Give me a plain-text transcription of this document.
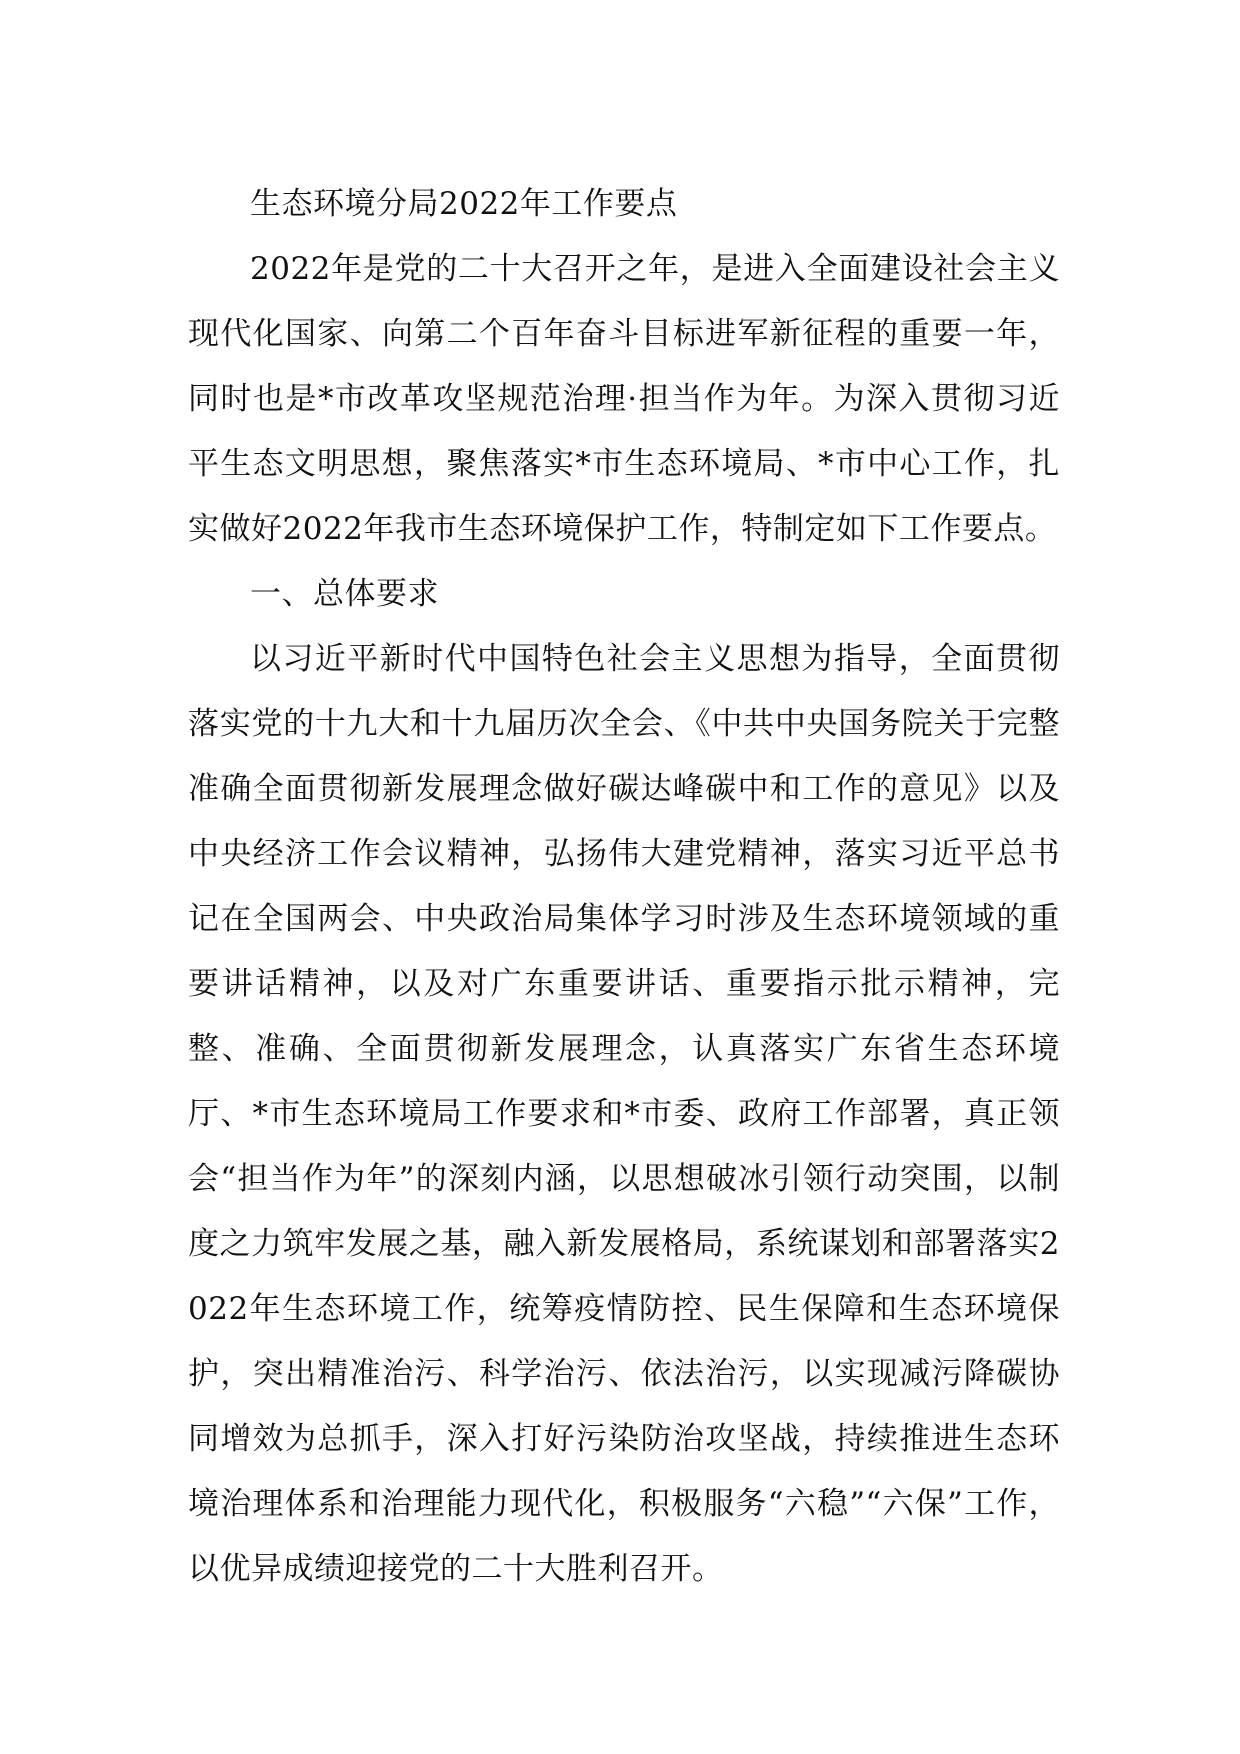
生态环境分局2022年工作要点

2022年是党的二十大召开之年，是进入全面建设社会主义现代化国家、向第二个百年奋斗目标进军新征程的重要一年，同时也是*市改革攻坚规范治理·担当作为年。为深入贯彻习近平生态文明思想，聚焦落实*市生态环境局、*市中心工作，扎实做好2022年我市生态环境保护工作，特制定如下工作要点。

一、总体要求

以习近平新时代中国特色社会主义思想为指导，全面贯彻落实党的十九大和十九届历次全会、《中共中央国务院关于完整准确全面贯彻新发展理念做好碳达峰碳中和工作的意见》以及中央经济工作会议精神，弘扬伟大建党精神，落实习近平总书记在全国两会、中央政治局集体学习时涉及生态环境领域的重要讲话精神，以及对广东重要讲话、重要指示批示精神，完整、准确、全面贯彻新发展理念，认真落实广东省生态环境厅、*市生态环境局工作要求和*市委、政府工作部署，真正领会“担当作为年”的深刻内涵，以思想破冰引领行动突围，以制度之力筑牢发展之基，融入新发展格局，系统谋划和部署落实2022年生态环境工作，统筹疫情防控、民生保障和生态环境保护，突出精准治污、科学治污、依法治污，以实现减污降碳协同增效为总抓手，深入打好污染防治攻坚战，持续推进生态环境治理体系和治理能力现代化，积极服务“六稳”“六保”工作，以优异成绩迎接党的二十大胜利召开。
